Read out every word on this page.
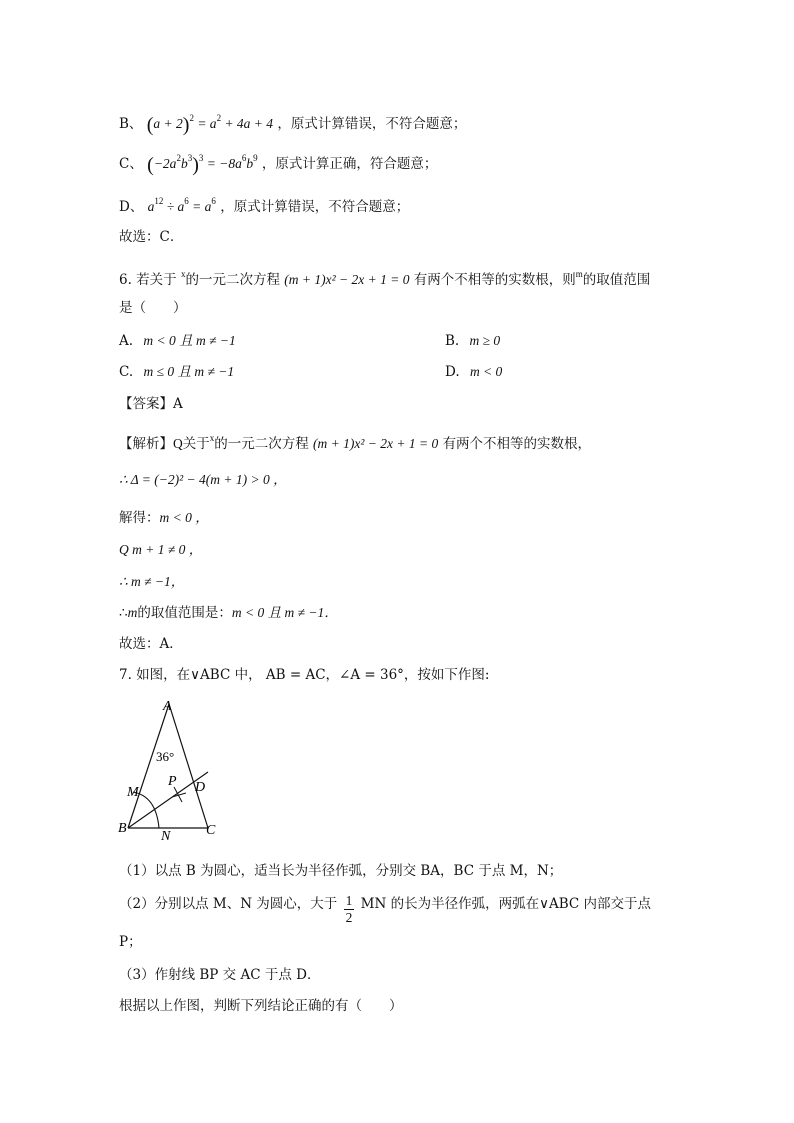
B、 $(a + 2)^2 = a^2 + 4a + 4$ ，原式计算错误，不符合题意；
C、 $(-2a^2b^3)^3 = -8a^6b^9$ ，原式计算正确，符合题意；
D、 $a^{12} \div a^6 = a^6$ ，原式计算错误，不符合题意；
故选：C．
6. 若关于 $^x$的一元二次方程 (m + 1)x² − 2x + 1 = 0 有两个不相等的实数根，则$^m$的取值范围
是（　　）
A. m < 0 且 m ≠ −1	B. m ≥ 0
C. m ≤ 0 且 m ≠ −1	D. m < 0
【答案】A
【解析】Q关于$^x$的一元二次方程 (m + 1)x² − 2x + 1 = 0 有两个不相等的实数根，
∴ Δ = (−2)² − 4(m + 1) > 0 ，
解得：m < 0 ，
Q m + 1 ≠ 0 ，
∴ m ≠ −1，
∴m的取值范围是：m < 0 且 m ≠ −1．
故选：A．
7. 如图，在∨ABC 中， AB = AC，∠A = 36°，按如下作图:
A
B	C
M
N
P D
36°
（1）以点 B 为圆心，适当长为半径作弧，分别交 BA，BC 于点 M，N；
（2）分别以点 M、N 为圆心，大于 $\frac{1}{2}$ MN 的长为半径作弧，两弧在∨ABC 内部交于点
P；
（3）作射线 BP 交 AC 于点 D．
根据以上作图，判断下列结论正确的有（　　）
